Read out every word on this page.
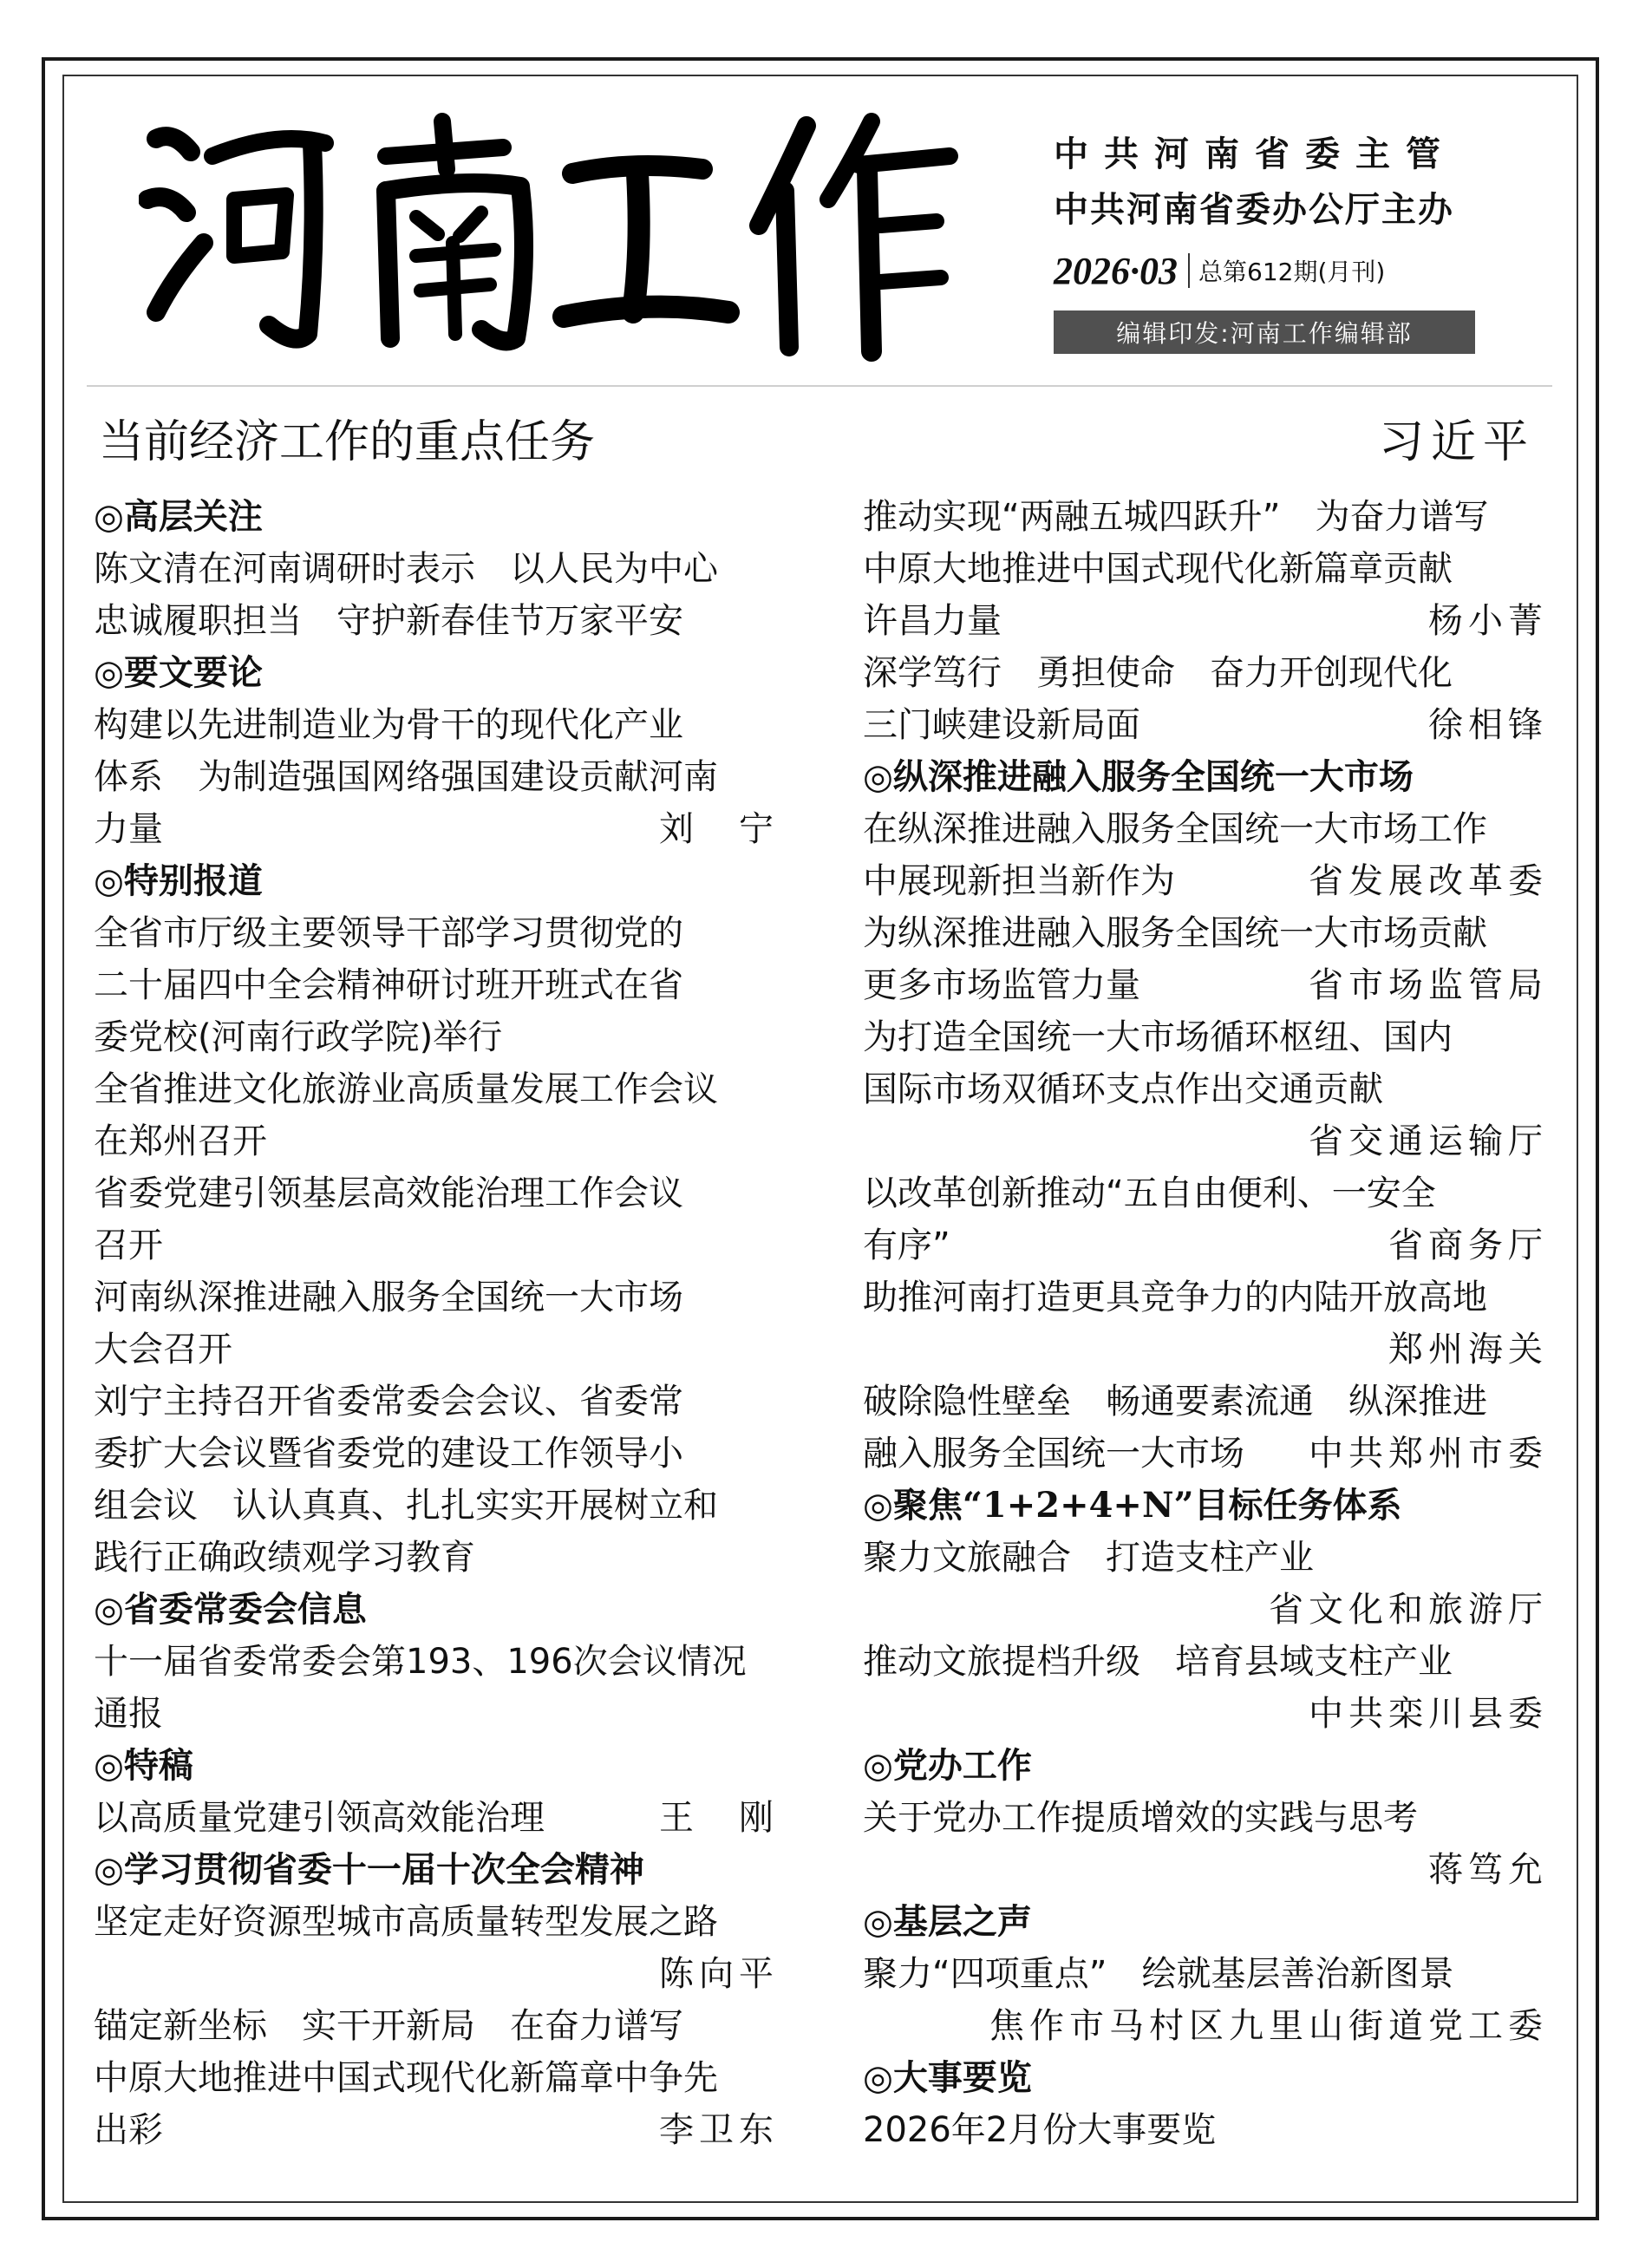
中共河南省委主管
中共河南省委办公厅主办
2026·03 总第612期(月刊)
编辑印发:河南工作编辑部
当前经济工作的重点任务	习近平
◎高层关注
陈文清在河南调研时表示　以人民为中心
忠诚履职担当　守护新春佳节万家平安
◎要文要论
构建以先进制造业为骨干的现代化产业
体系　为制造强国网络强国建设贡献河南
力量	刘　宁
◎特别报道
全省市厅级主要领导干部学习贯彻党的
二十届四中全会精神研讨班开班式在省
委党校(河南行政学院)举行
全省推进文化旅游业高质量发展工作会议
在郑州召开
省委党建引领基层高效能治理工作会议
召开
河南纵深推进融入服务全国统一大市场
大会召开
刘宁主持召开省委常委会会议、省委常
委扩大会议暨省委党的建设工作领导小
组会议　认认真真、扎扎实实开展树立和
践行正确政绩观学习教育
◎省委常委会信息
十一届省委常委会第193、196次会议情况
通报
◎特稿
以高质量党建引领高效能治理	王　刚
◎学习贯彻省委十一届十次全会精神
坚定走好资源型城市高质量转型发展之路
陈向平
锚定新坐标　实干开新局　在奋力谱写
中原大地推进中国式现代化新篇章中争先
出彩	李卫东
推动实现“两融五城四跃升”　为奋力谱写
中原大地推进中国式现代化新篇章贡献
许昌力量	杨小菁
深学笃行　勇担使命　奋力开创现代化
三门峡建设新局面	徐相锋
◎纵深推进融入服务全国统一大市场
在纵深推进融入服务全国统一大市场工作
中展现新担当新作为	省发展改革委
为纵深推进融入服务全国统一大市场贡献
更多市场监管力量	省市场监管局
为打造全国统一大市场循环枢纽、国内
国际市场双循环支点作出交通贡献
省交通运输厅
以改革创新推动“五自由便利、一安全
有序”	省商务厅
助推河南打造更具竞争力的内陆开放高地
郑州海关
破除隐性壁垒　畅通要素流通　纵深推进
融入服务全国统一大市场 中共郑州市委
◎聚焦“1+2+4+N”目标任务体系
聚力文旅融合　打造支柱产业
省文化和旅游厅
推动文旅提档升级　培育县域支柱产业
中共栾川县委
◎党办工作
关于党办工作提质增效的实践与思考
蒋笃允
◎基层之声
聚力“四项重点”　绘就基层善治新图景
焦作市马村区九里山街道党工委
◎大事要览
2026年2月份大事要览
